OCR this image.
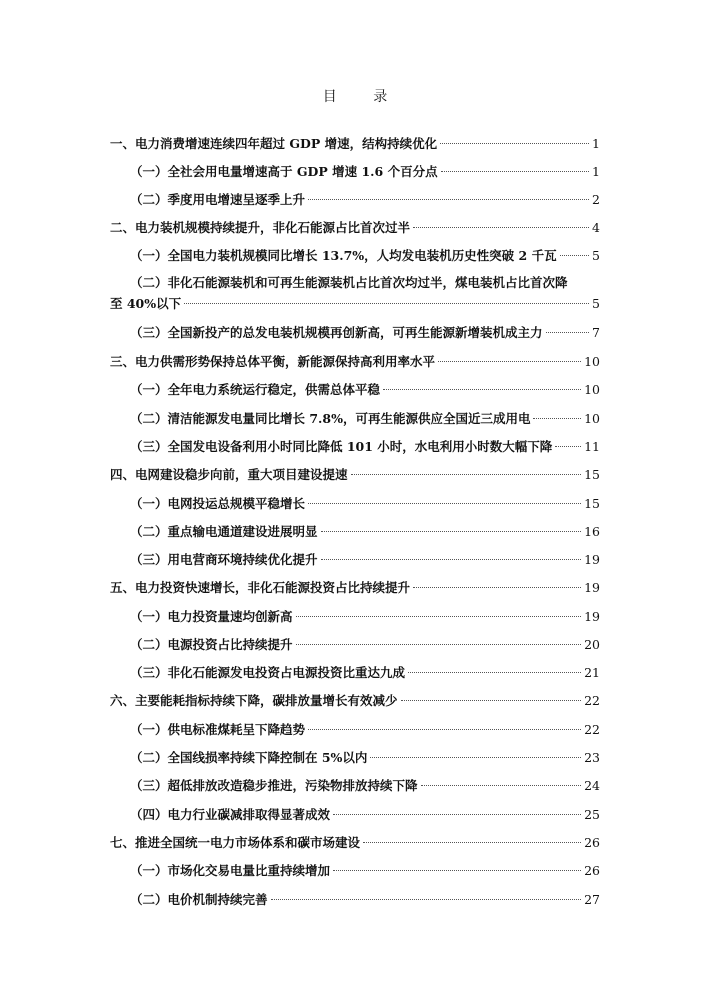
目 录
一、电力消费增速连续四年超过 GDP 增速，结构持续优化	1
（一）全社会用电量增速高于 GDP 增速 1.6 个百分点	1
（二）季度用电增速呈逐季上升	2
二、电力装机规模持续提升，非化石能源占比首次过半	4
（一）全国电力装机规模同比增长 13.7%，人均发电装机历史性突破 2 千瓦	5
（二）非化石能源装机和可再生能源装机占比首次均过半，煤电装机占比首次降
至 40%以下	5
（三）全国新投产的总发电装机规模再创新高，可再生能源新增装机成主力	7
三、电力供需形势保持总体平衡，新能源保持高利用率水平	10
（一）全年电力系统运行稳定，供需总体平稳	10
（二）清洁能源发电量同比增长 7.8%，可再生能源供应全国近三成用电	10
（三）全国发电设备利用小时同比降低 101 小时，水电利用小时数大幅下降	11
四、电网建设稳步向前，重大项目建设提速	15
（一）电网投运总规模平稳增长	15
（二）重点输电通道建设进展明显	16
（三）用电营商环境持续优化提升	19
五、电力投资快速增长，非化石能源投资占比持续提升	19
（一）电力投资量速均创新高	19
（二）电源投资占比持续提升	20
（三）非化石能源发电投资占电源投资比重达九成	21
六、主要能耗指标持续下降，碳排放量增长有效减少	22
（一）供电标准煤耗呈下降趋势	22
（二）全国线损率持续下降控制在 5%以内	23
（三）超低排放改造稳步推进，污染物排放持续下降	24
（四）电力行业碳减排取得显著成效	25
七、推进全国统一电力市场体系和碳市场建设	26
（一）市场化交易电量比重持续增加	26
（二）电价机制持续完善	27
